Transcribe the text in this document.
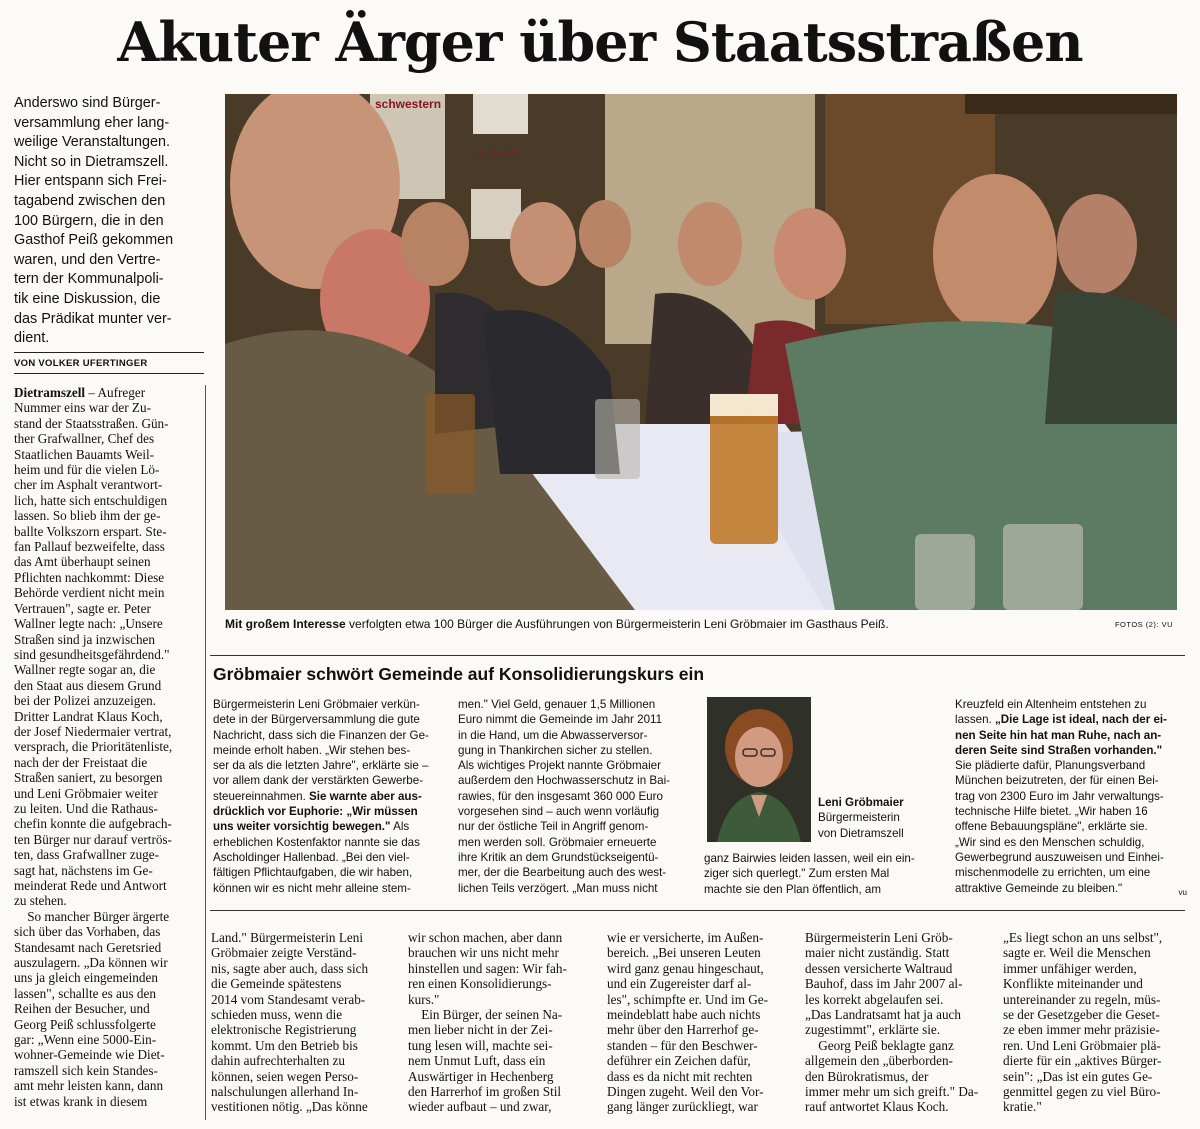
Akuter Ärger über Staatsstraßen
Anderswo sind Bürger-
versammlung eher lang-
weilige Veranstaltungen.
Nicht so in Dietramszell.
Hier entspann sich Frei-
tagabend zwischen den
100 Bürgern, die in den
Gasthof Peiß gekommen
waren, und den Vertre-
tern der Kommunalpoli-
tik eine Diskussion, die
das Prädikat munter ver-
dient.
VON VOLKER UFERTINGER
Dietramszell – Aufreger
Nummer eins war der Zu-
stand der Staatsstraßen. Gün-
ther Grafwallner, Chef des
Staatlichen Bauamts Weil-
heim und für die vielen Lö-
cher im Asphalt verantwort-
lich, hatte sich entschuldigen
lassen. So blieb ihm der ge-
ballte Volkszorn erspart. Ste-
fan Pallauf bezweifelte, dass
das Amt überhaupt seinen
Pflichten nachkommt: Diese
Behörde verdient nicht mein
Vertrauen", sagte er. Peter
Wallner legte nach: „Unsere
Straßen sind ja inzwischen
sind gesundheitsgefährdend."
Wallner regte sogar an, die
den Staat aus diesem Grund
bei der Polizei anzuzeigen.
Dritter Landrat Klaus Koch,
der Josef Niedermaier vertrat,
versprach, die Prioritätenliste,
nach der der Freistaat die
Straßen saniert, zu besorgen
und Leni Gröbmaier weiter
zu leiten. Und die Rathaus-
chefin konnte die aufgebrach-
ten Bürger nur darauf vertrös-
ten, dass Grafwallner zuge-
sagt hat, nächstens im Ge-
meinderat Rede und Antwort
zu stehen.
So mancher Bürger ärgerte
sich über das Vorhaben, das
Standesamt nach Geretsried
auszulagern. „Da können wir
uns ja gleich eingemeinden
lassen", schallte es aus den
Reihen der Besucher, und
Georg Peiß schlussfolgerte
gar: „Wenn eine 5000-Ein-
wohner-Gemeinde wie Diet-
ramszell sich kein Standes-
amt mehr leisten kann, dann
ist etwas krank in diesem
schwestern
15. JULI 2011
Mit großem Interesse verfolgten etwa 100 Bürger die Ausführungen von Bürgermeisterin Leni Gröbmaier im Gasthaus Peiß.	FOTOS (2): VU
Gröbmaier schwört Gemeinde auf Konsolidierungskurs ein
Bürgermeisterin Leni Gröbmaier verkün-
dete in der Bürgerversammlung die gute
Nachricht, dass sich die Finanzen der Ge-
meinde erholt haben. „Wir stehen bes-
ser da als die letzten Jahre", erklärte sie –
vor allem dank der verstärkten Gewerbe-
steuereinnahmen. Sie warnte aber aus-
drücklich vor Euphorie: „Wir müssen
uns weiter vorsichtig bewegen." Als
erheblichen Kostenfaktor nannte sie das
Ascholdinger Hallenbad. „Bei den viel-
fältigen Pflichtaufgaben, die wir haben,
können wir es nicht mehr alleine stem-
men." Viel Geld, genauer 1,5 Millionen
Euro nimmt die Gemeinde im Jahr 2011
in die Hand, um die Abwasserversor-
gung in Thankirchen sicher zu stellen.
Als wichtiges Projekt nannte Gröbmaier
außerdem den Hochwasserschutz in Bai-
rawies, für den insgesamt 360 000 Euro
vorgesehen sind – auch wenn vorläufig
nur der östliche Teil in Angriff genom-
men werden soll. Gröbmaier erneuerte
ihre Kritik an dem Grundstückseigentü-
mer, der die Bearbeitung auch des west-
lichen Teils verzögert. „Man muss nicht
Leni Gröbmaier
Bürgermeisterin
von Dietramszell
ganz Bairwies leiden lassen, weil ein ein-
ziger sich querlegt." Zum ersten Mal
machte sie den Plan öffentlich, am
Kreuzfeld ein Altenheim entstehen zu
lassen. „Die Lage ist ideal, nach der ei-
nen Seite hin hat man Ruhe, nach an-
deren Seite sind Straßen vorhanden."
Sie plädierte dafür, Planungsverband
München beizutreten, der für einen Bei-
trag von 2300 Euro im Jahr verwaltungs-
technische Hilfe bietet. „Wir haben 16
offene Bebauungspläne", erklärte sie.
„Wir sind es den Menschen schuldig,
Gewerbegrund auszuweisen und Einhei-
mischenmodelle zu errichten, um eine
attraktive Gemeinde zu bleiben."	vu
Land." Bürgermeisterin Leni
Gröbmaier zeigte Verständ-
nis, sagte aber auch, dass sich
die Gemeinde spätestens
2014 vom Standesamt verab-
schieden muss, wenn die
elektronische Registrierung
kommt. Um den Betrieb bis
dahin aufrechterhalten zu
können, seien wegen Perso-
nalschulungen allerhand In-
vestitionen nötig. „Das könne
wir schon machen, aber dann
brauchen wir uns nicht mehr
hinstellen und sagen: Wir fah-
ren einen Konsolidierungs-
kurs."
Ein Bürger, der seinen Na-
men lieber nicht in der Zei-
tung lesen will, machte sei-
nem Unmut Luft, dass ein
Auswärtiger in Hechenberg
den Harrerhof im großen Stil
wieder aufbaut – und zwar,
wie er versicherte, im Außen-
bereich. „Bei unseren Leuten
wird ganz genau hingeschaut,
und ein Zugereister darf al-
les", schimpfte er. Und im Ge-
meindeblatt habe auch nichts
mehr über den Harrerhof ge-
standen – für den Beschwer-
deführer ein Zeichen dafür,
dass es da nicht mit rechten
Dingen zugeht. Weil den Vor-
gang länger zurückliegt, war
Bürgermeisterin Leni Gröb-
maier nicht zuständig. Statt
dessen versicherte Waltraud
Bauhof, dass im Jahr 2007 al-
les korrekt abgelaufen sei.
„Das Landratsamt hat ja auch
zugestimmt", erklärte sie.
Georg Peiß beklagte ganz
allgemein den „überborden-
den Bürokratismus, der
immer mehr um sich greift." Da-
rauf antwortet Klaus Koch.
„Es liegt schon an uns selbst",
sagte er. Weil die Menschen
immer unfähiger werden,
Konflikte miteinander und
untereinander zu regeln, müs-
se der Gesetzgeber die Geset-
ze eben immer mehr präzisie-
ren. Und Leni Gröbmaier plä-
dierte für ein „aktives Bürger-
sein": „Das ist ein gutes Ge-
genmittel gegen zu viel Büro-
kratie."
